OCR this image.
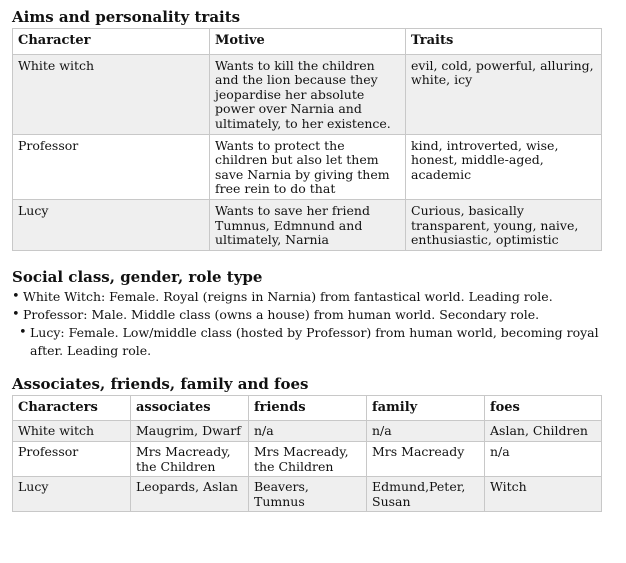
Aims and personality traits
Character	Motive	Traits
White witch	Wants to kill the children and the lion because they jeopardise her absolute power over Narnia and ultimately, to her existence.	evil, cold, powerful, alluring, white, icy
Professor	Wants to protect the children but also let them save Narnia by giving them free rein to do that	kind, introverted, wise, honest, middle-aged, academic
Lucy	Wants to save her friend Tumnus, Edmnund and ultimately, Narnia	Curious, basically transparent, young, naive, enthusiastic, optimistic
Social class, gender, role type
• White Witch: Female. Royal (reigns in Narnia) from fantastical world. Leading role.
• Professor: Male. Middle class (owns a house) from human world. Secondary role.
• Lucy: Female. Low/middle class (hosted by Professor) from human world, becoming royal
after. Leading role.
Associates, friends, family and foes
Characters	associates	friends	family	foes
White witch	Maugrim, Dwarf	n/a	n/a	Aslan, Children
Professor	Mrs Macready, the Children	Mrs Macready, the Children	Mrs Macready	n/a
Lucy	Leopards, Aslan	Beavers, Tumnus	Edmund,Peter, Susan	Witch
